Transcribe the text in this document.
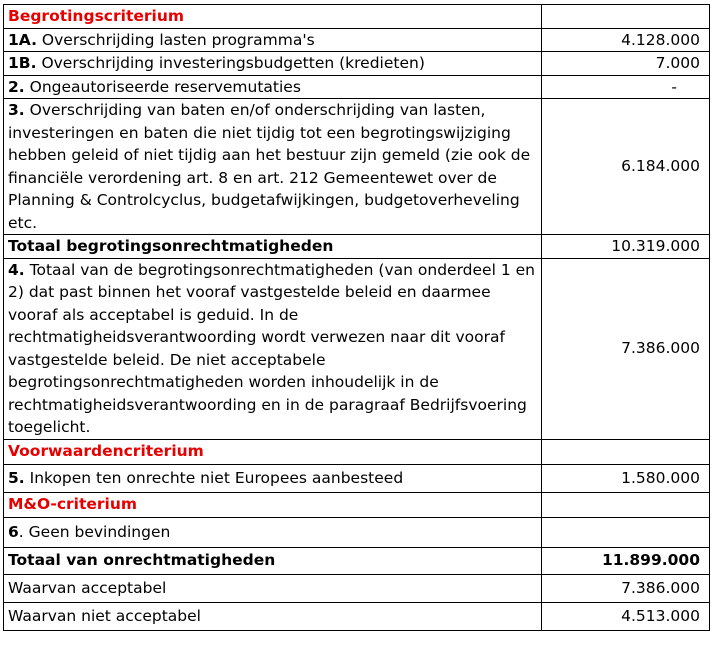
Begrotingscriterium	
1A. Overschrijding lasten programma's	4.128.000
1B. Overschrijding investeringsbudgetten (kredieten)	7.000
2. Ongeautoriseerde reservemutaties	-
3. Overschrijding van baten en/of onderschrijding van lasten, investeringen en baten die niet tijdig tot een begrotingswijziging hebben geleid of niet tijdig aan het bestuur zijn gemeld (zie ook de financiële verordening art. 8 en art. 212 Gemeentewet over de Planning & Controlcyclus, budgetafwijkingen, budgetoverheveling etc.	6.184.000
Totaal begrotingsonrechtmatigheden	10.319.000
4. Totaal van de begrotingsonrechtmatigheden (van onderdeel 1 en 2) dat past binnen het vooraf vastgestelde beleid en daarmee vooraf als acceptabel is geduid. In de rechtmatigheidsverantwoording wordt verwezen naar dit vooraf vastgestelde beleid. De niet acceptabele begrotingsonrechtmatigheden worden inhoudelijk in de rechtmatigheidsverantwoording en in de paragraaf Bedrijfsvoering toegelicht.	7.386.000
Voorwaardencriterium	
5. Inkopen ten onrechte niet Europees aanbesteed	1.580.000
M&O-criterium	
6. Geen bevindingen	
Totaal van onrechtmatigheden	11.899.000
Waarvan acceptabel	7.386.000
Waarvan niet acceptabel	4.513.000
